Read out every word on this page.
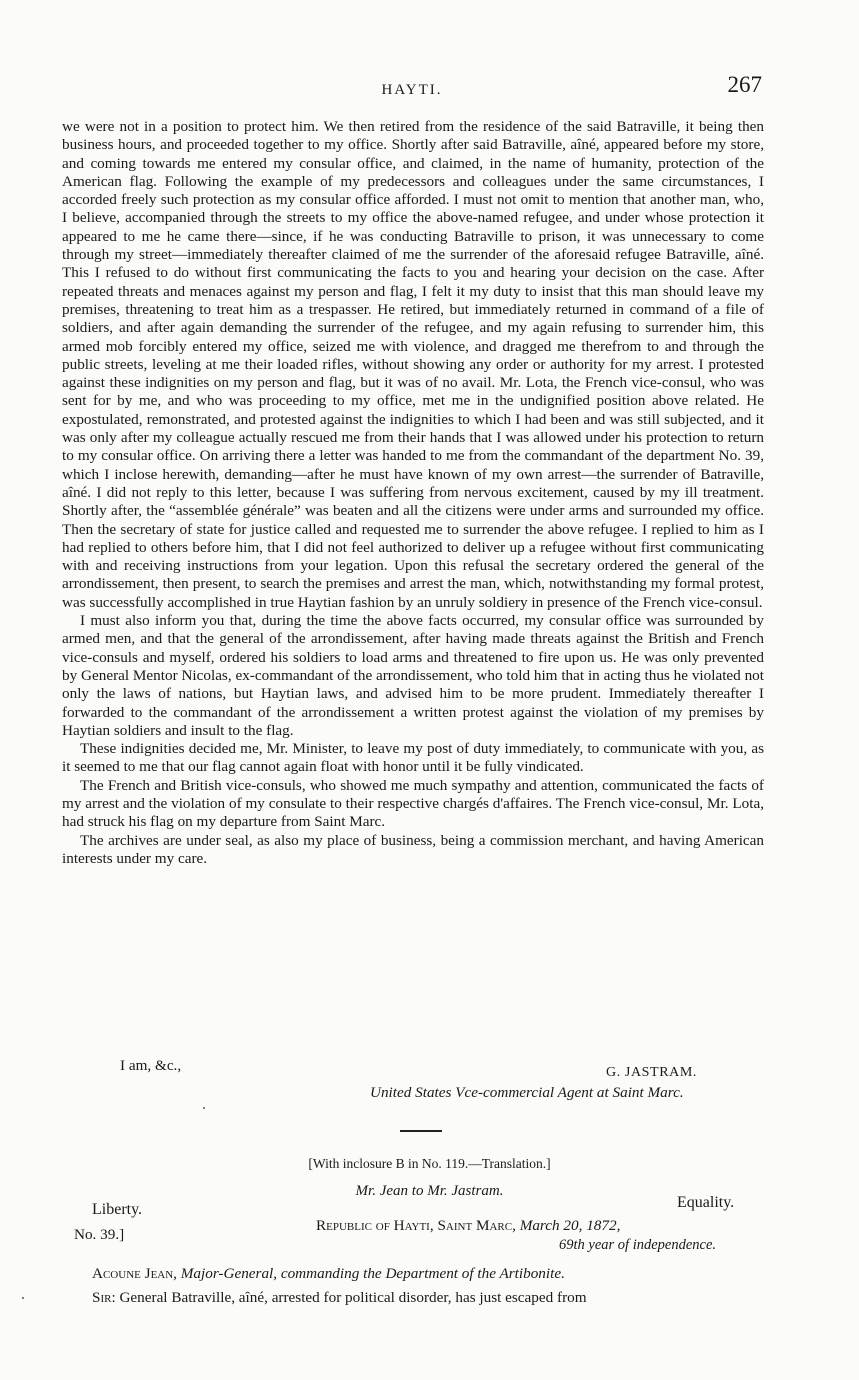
HAYTI.	267

we were not in a position to protect him. We then retired from the residence of the said Batraville, it being then business hours, and proceeded together to my office. Shortly after said Batraville, aîné, appeared before my store, and coming towards me entered my consular office, and claimed, in the name of humanity, protection of the American flag. Following the example of my predecessors and colleagues under the same circumstances, I accorded freely such protection as my consular office afforded. I must not omit to mention that another man, who, I believe, accompanied through the streets to my office the above-named refugee, and under whose protection it appeared to me he came there—since, if he was conducting Batraville to prison, it was unnecessary to come through my street—immediately thereafter claimed of me the surrender of the aforesaid refugee Batraville, aîné. This I refused to do without first communicating the facts to you and hearing your decision on the case. After repeated threats and menaces against my person and flag, I felt it my duty to insist that this man should leave my premises, threatening to treat him as a trespasser. He retired, but immediately returned in command of a file of soldiers, and after again demanding the surrender of the refugee, and my again refusing to surrender him, this armed mob forcibly entered my office, seized me with violence, and dragged me therefrom to and through the public streets, leveling at me their loaded rifles, without showing any order or authority for my arrest. I protested against these indignities on my person and flag, but it was of no avail. Mr. Lota, the French vice-consul, who was sent for by me, and who was proceeding to my office, met me in the undignified position above related. He expostulated, remonstrated, and protested against the indignities to which I had been and was still subjected, and it was only after my colleague actually rescued me from their hands that I was allowed under his protection to return to my consular office. On arriving there a letter was handed to me from the commandant of the department No. 39, which I inclose herewith, demanding—after he must have known of my own arrest—the surrender of Batraville, aîné. I did not reply to this letter, because I was suffering from nervous excitement, caused by my ill treatment. Shortly after, the “assemblée générale” was beaten and all the citizens were under arms and surrounded my office. Then the secretary of state for justice called and requested me to surrender the above refugee. I replied to him as I had replied to others before him, that I did not feel authorized to deliver up a refugee without first communicating with and receiving instructions from your legation. Upon this refusal the secretary ordered the general of the arrondissement, then present, to search the premises and arrest the man, which, notwithstanding my formal protest, was successfully accomplished in true Haytian fashion by an unruly soldiery in presence of the French vice-consul.

I must also inform you that, during the time the above facts occurred, my consular office was surrounded by armed men, and that the general of the arrondissement, after having made threats against the British and French vice-consuls and myself, ordered his soldiers to load arms and threatened to fire upon us. He was only prevented by General Mentor Nicolas, ex-commandant of the arrondissement, who told him that in acting thus he violated not only the laws of nations, but Haytian laws, and advised him to be more prudent. Immediately thereafter I forwarded to the commandant of the arrondissement a written protest against the violation of my premises by Haytian soldiers and insult to the flag.

These indignities decided me, Mr. Minister, to leave my post of duty immediately, to communicate with you, as it seemed to me that our flag cannot again float with honor until it be fully vindicated.

The French and British vice-consuls, who showed me much sympathy and attention, communicated the facts of my arrest and the violation of my consulate to their respective chargés d'affaires. The French vice-consul, Mr. Lota, had struck his flag on my departure from Saint Marc.

The archives are under seal, as also my place of business, being a commission merchant, and having American interests under my care.

I am, &c.,	G. JASTRAM.
United States Vce-commercial Agent at Saint Marc.
[With inclosure B in No. 119.—Translation.]
Mr. Jean to Mr. Jastram.
Equality.
Liberty.
No. 39.]
Republic of Hayti, Saint Marc, March 20, 1872,
69th year of independence.
Acoune Jean, Major-General, commanding the Department of the Artibonite.
Sir: General Batraville, aîné, arrested for political disorder, has just escaped from
